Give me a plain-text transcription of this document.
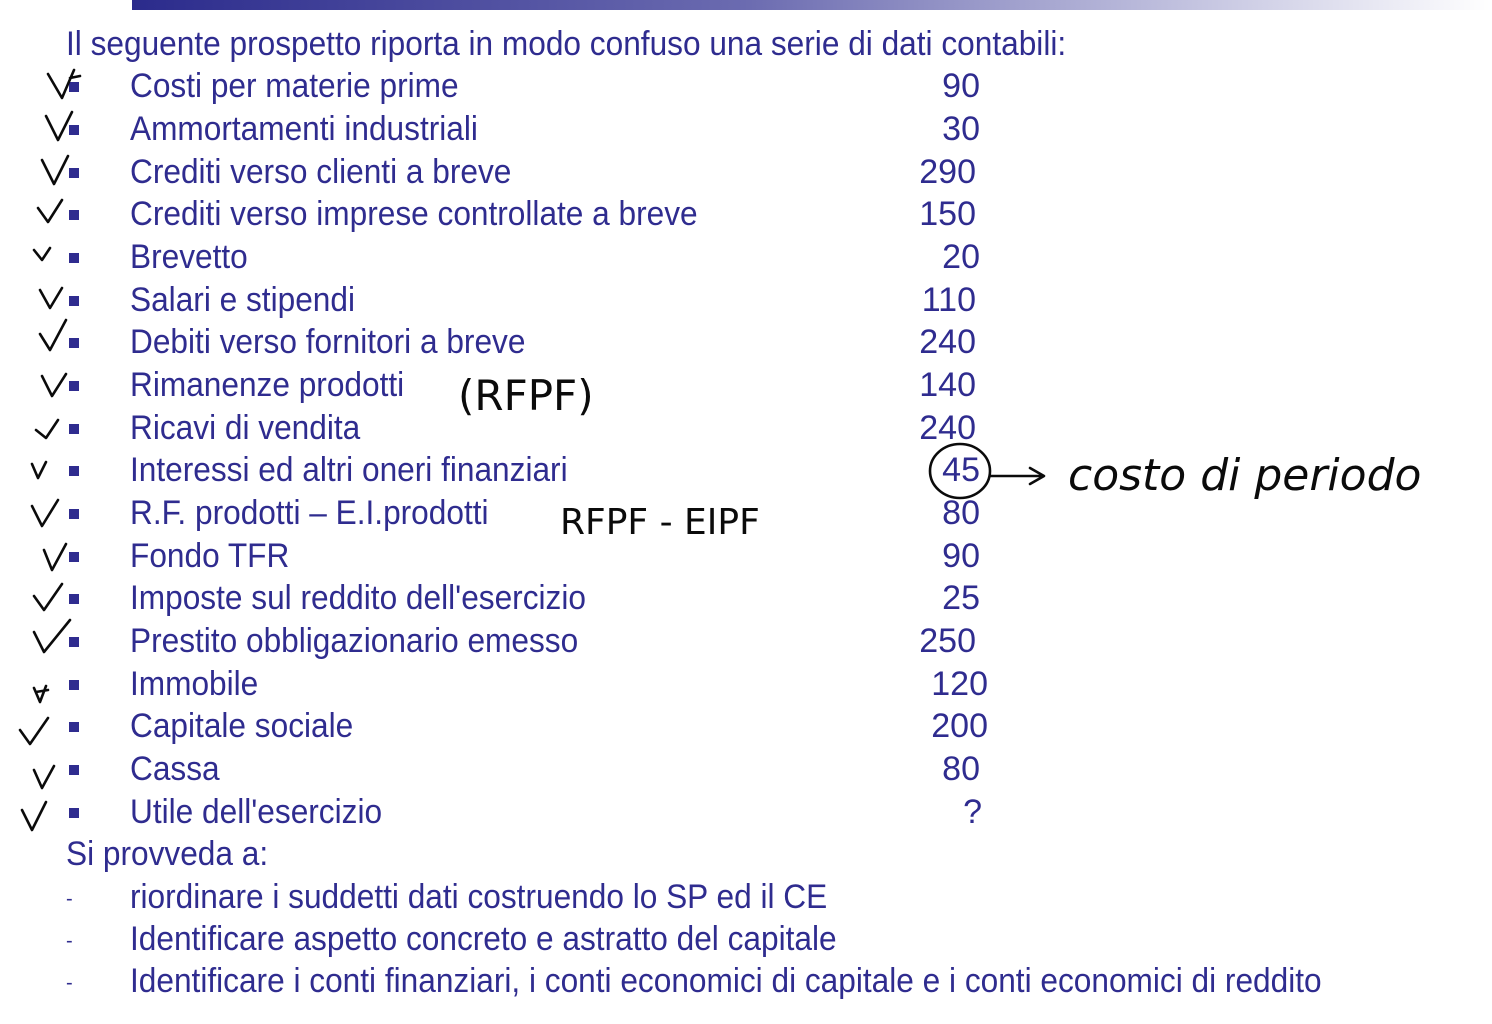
Il seguente prospetto riporta in modo confuso una serie di dati contabili:
Costi per materie prime	90
Ammortamenti industriali	30
Crediti verso clienti a breve	290
Crediti verso imprese controllate a breve	150
Brevetto	20
Salari e stipendi	110
Debiti verso fornitori a breve	240
Rimanenze prodotti	140
Ricavi di vendita	240
Interessi ed altri oneri finanziari	45
R.F. prodotti – E.I.prodotti	80
Fondo TFR	90
Imposte sul reddito dell'esercizio	25
Prestito obbligazionario emesso	250
Immobile	120
Capitale sociale	200
Cassa	80
Utile dell'esercizio	?
Si provveda a:
- riordinare i suddetti dati costruendo lo SP ed il CE
- Identificare aspetto concreto e astratto del capitale
- Identificare i conti finanziari, i conti economici di capitale e i conti economici di reddito
(RFPF)
RFPF - EIPF
costo di periodo
